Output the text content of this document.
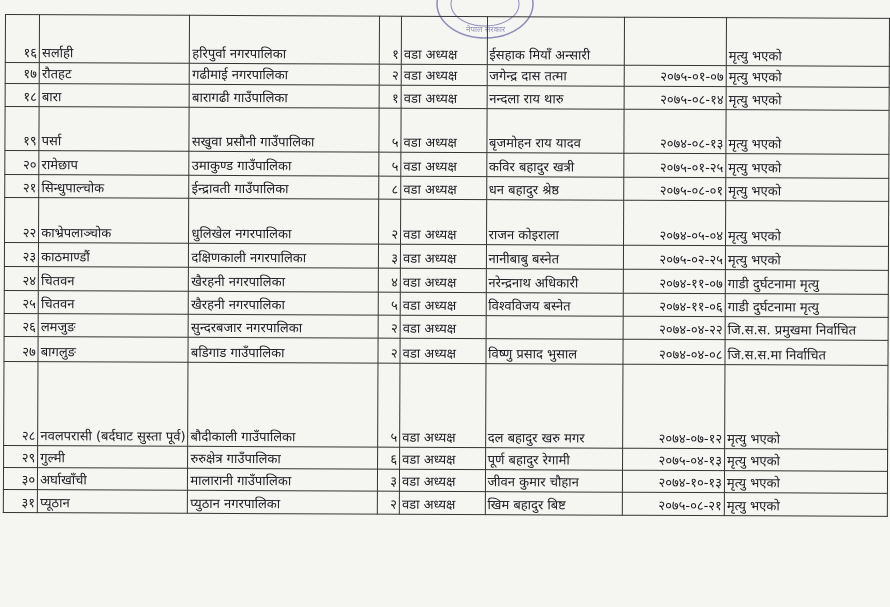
नेपाल सरकार
१६	सर्लाही	हरिपुर्वा नगरपालिका	१	वडा अध्यक्ष	ईसहाक मियाँ अन्सारी		मृत्यु भएको
१७	रौतहट	गढीमाई नगरपालिका	२	वडा अध्यक्ष	जगेन्द्र दास तत्मा	२०७५-०१-०७	मृत्यु भएको
१८	बारा	बारागढी गाउँपालिका	१	वडा अध्यक्ष	नन्दला राय थारु	२०७५-०८-१४	मृत्यु भएको
१९	पर्सा	सखुवा प्रसौनी गाउँपालिका	५	वडा अध्यक्ष	बृजमोहन राय यादव	२०७४-०८-१३	मृत्यु भएको
२०	रामेछाप	उमाकुण्ड गाउँपालिका	५	वडा अध्यक्ष	कविर बहादुर खत्री	२०७५-०१-२५	मृत्यु भएको
२१	सिन्धुपाल्चोक	ईन्द्रावती गाउँपालिका	८	वडा अध्यक्ष	धन बहादुर श्रेष्ठ	२०७५-०८-०१	मृत्यु भएको
२२	काभ्रेपलाञ्चोक	धुलिखेल नगरपालिका	२	वडा अध्यक्ष	राजन कोइराला	२०७४-०५-०४	मृत्यु भएको
२३	काठमाण्डौं	दक्षिणकाली नगरपालिका	३	वडा अध्यक्ष	नानीबाबु बस्नेत	२०७५-०२-२५	मृत्यु भएको
२४	चितवन	खैरहनी नगरपालिका	४	वडा अध्यक्ष	नरेन्द्रनाथ अधिकारी	२०७४-११-०७	गाडी दुर्घटनामा मृत्यु
२५	चितवन	खैरहनी नगरपालिका	५	वडा अध्यक्ष	विश्वविजय बस्नेत	२०७४-११-०६	गाडी दुर्घटनामा मृत्यु
२६	लमजुङ	सुन्दरबजार नगरपालिका	२	वडा अध्यक्ष		२०७४-०४-२२	जि.स.स. प्रमुखमा निर्वाचित
२७	बागलुङ	बडिगाड गाउँपालिका	२	वडा अध्यक्ष	विष्णु प्रसाद भुसाल	२०७४-०४-०८	जि.स.स.मा निर्वाचित
२८	नवलपरासी (बर्दघाट सुस्ता पूर्व)	बौदीकाली गाउँपालिका	५	वडा अध्यक्ष	दल बहादुर खरु मगर	२०७४-०७-१२	मृत्यु भएको
२९	गुल्मी	रुरुक्षेत्र गाउँपालिका	६	वडा अध्यक्ष	पूर्ण बहादुर रेगामी	२०७५-०४-१३	मृत्यु भएको
३०	अर्घाखाँची	मालारानी गाउँपालिका	३	वडा अध्यक्ष	जीवन कुमार चौहान	२०७४-१०-१३	मृत्यु भएको
३१	प्यूठान	प्युठान नगरपालिका	२	वडा अध्यक्ष	खिम बहादुर बिष्ट	२०७५-०८-२१	मृत्यु भएको
